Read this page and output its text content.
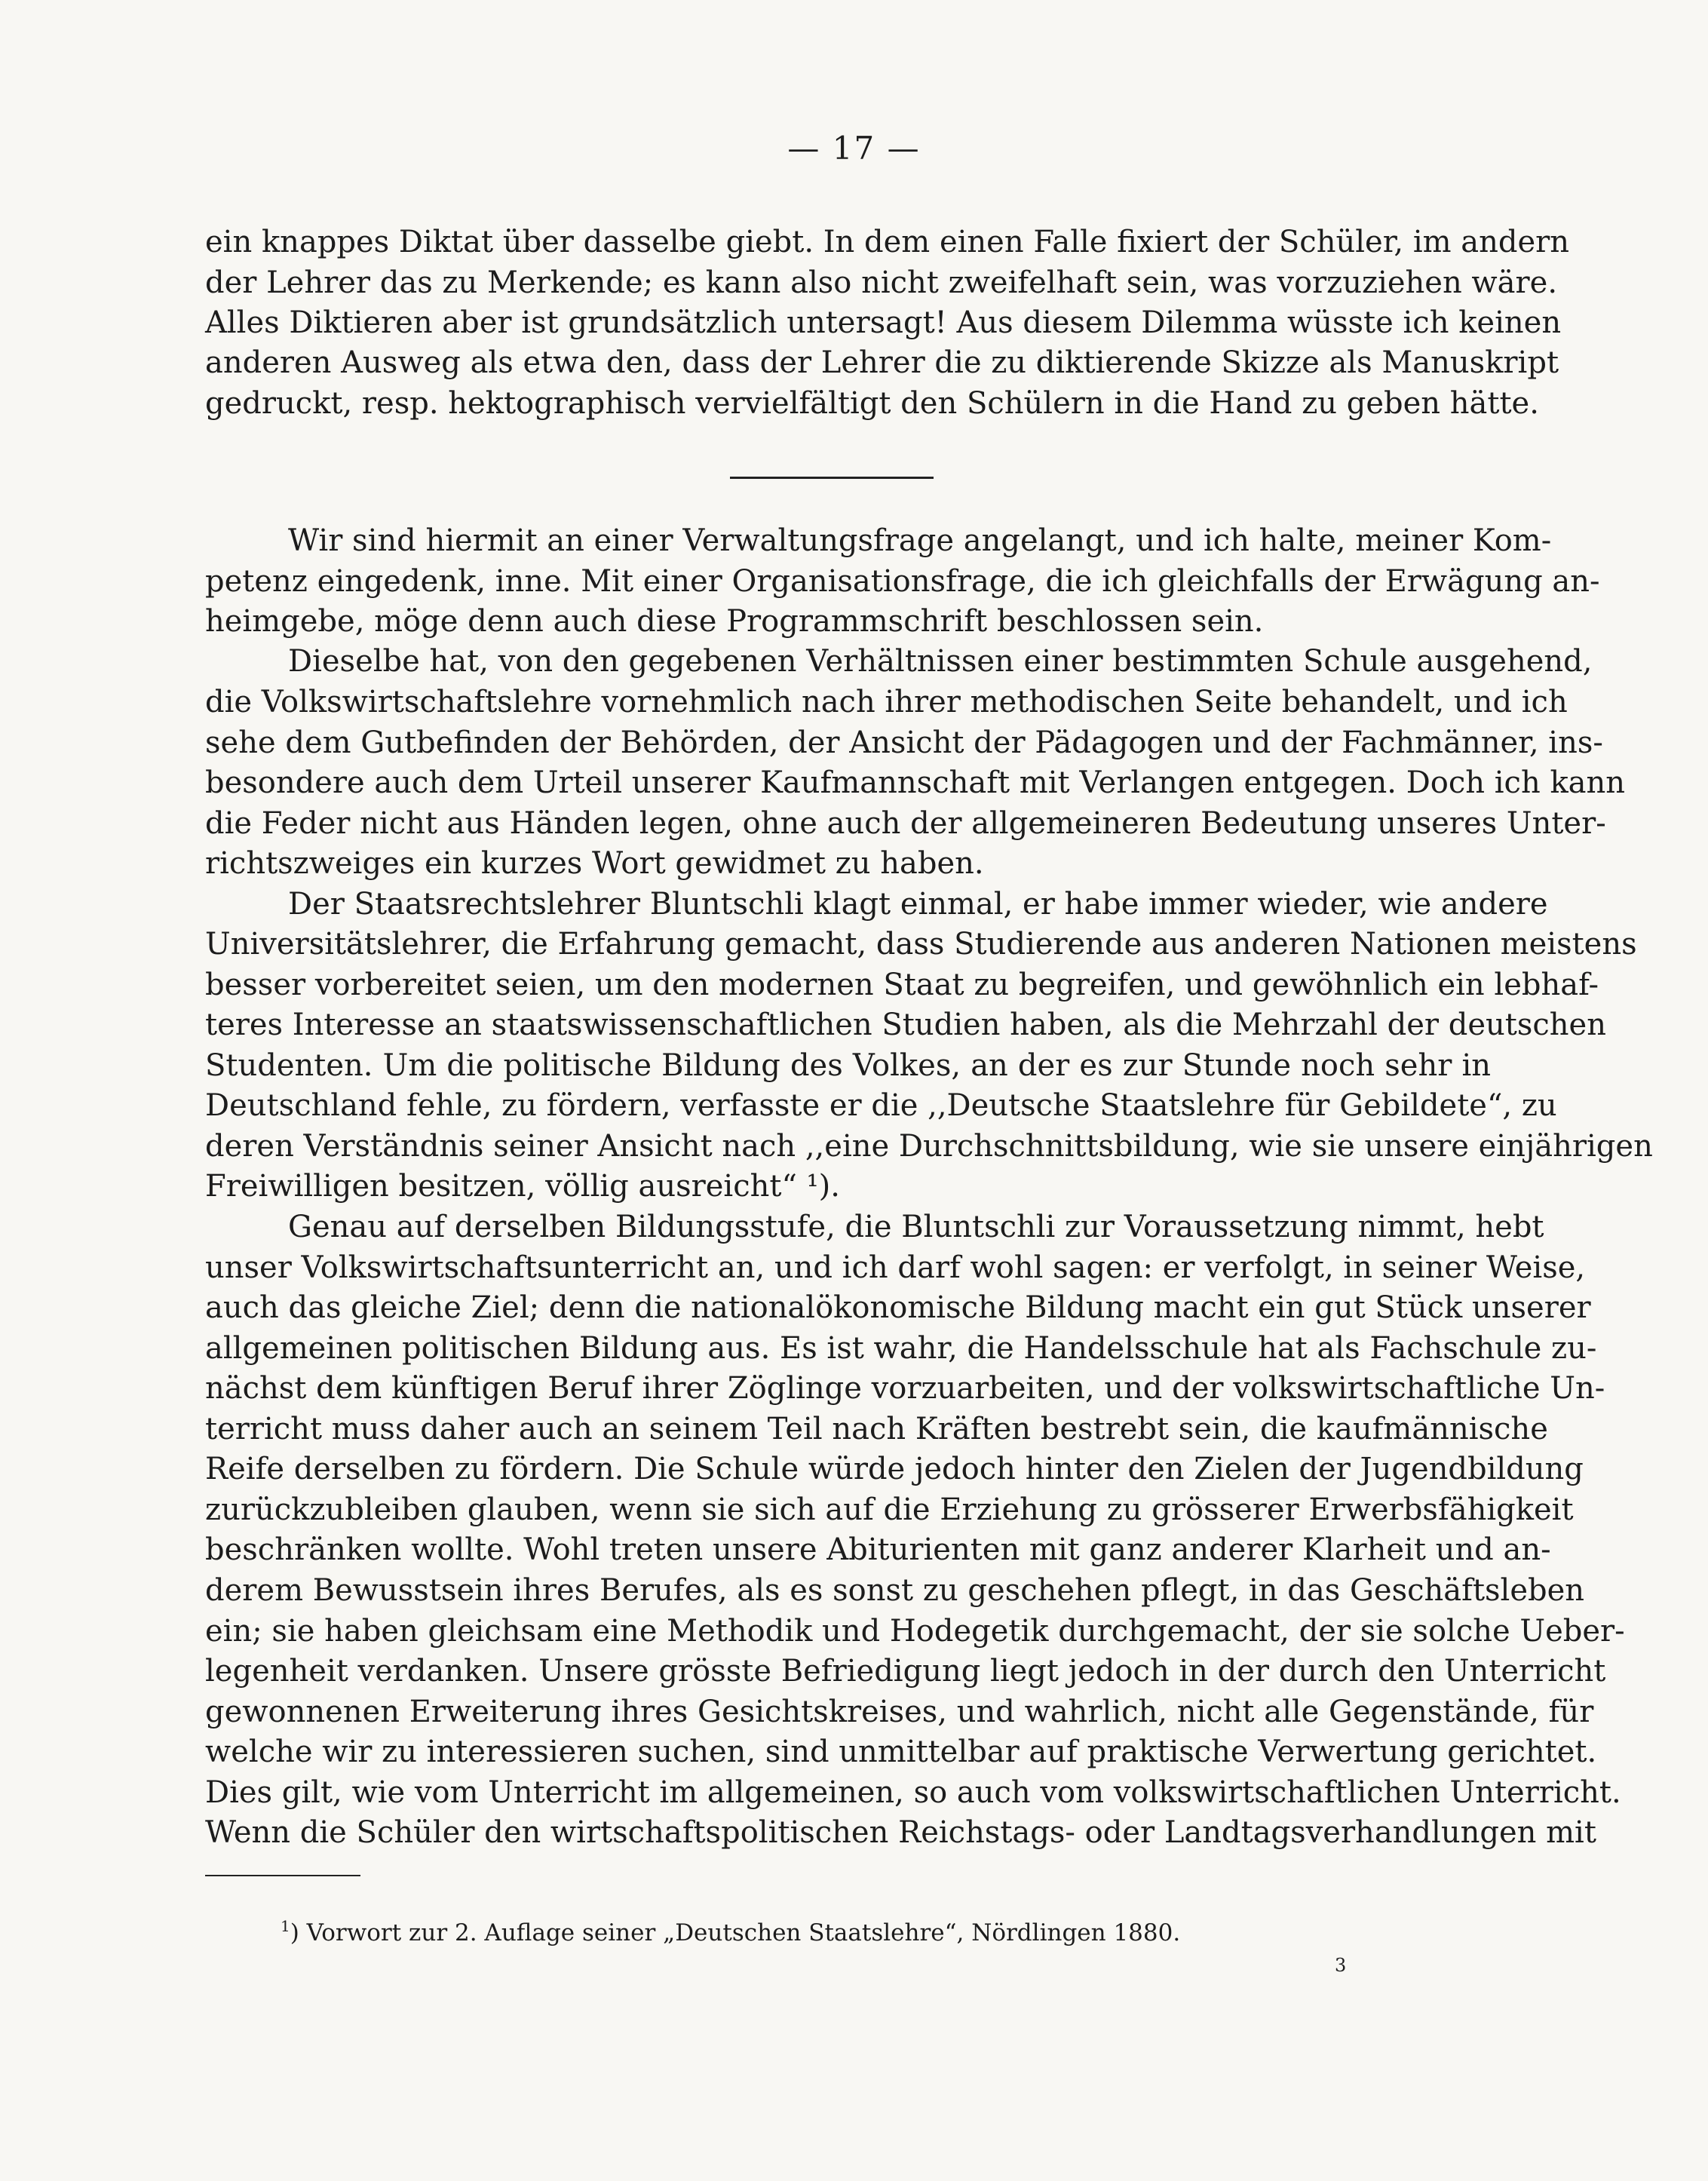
— 17 —
ein knappes Diktat über dasselbe giebt. In dem einen Falle fixiert der Schüler, im andern
der Lehrer das zu Merkende; es kann also nicht zweifelhaft sein, was vorzuziehen wäre.
Alles Diktieren aber ist grundsätzlich untersagt! Aus diesem Dilemma wüsste ich keinen
anderen Ausweg als etwa den, dass der Lehrer die zu diktierende Skizze als Manuskript
gedruckt, resp. hektographisch vervielfältigt den Schülern in die Hand zu geben hätte.
Wir sind hiermit an einer Verwaltungsfrage angelangt, und ich halte, meiner Kom-
petenz eingedenk, inne. Mit einer Organisationsfrage, die ich gleichfalls der Erwägung an-
heimgebe, möge denn auch diese Programmschrift beschlossen sein.
Dieselbe hat, von den gegebenen Verhältnissen einer bestimmten Schule ausgehend,
die Volkswirtschaftslehre vornehmlich nach ihrer methodischen Seite behandelt, und ich
sehe dem Gutbefinden der Behörden, der Ansicht der Pädagogen und der Fachmänner, ins-
besondere auch dem Urteil unserer Kaufmannschaft mit Verlangen entgegen. Doch ich kann
die Feder nicht aus Händen legen, ohne auch der allgemeineren Bedeutung unseres Unter-
richtszweiges ein kurzes Wort gewidmet zu haben.
Der Staatsrechtslehrer Bluntschli klagt einmal, er habe immer wieder, wie andere
Universitätslehrer, die Erfahrung gemacht, dass Studierende aus anderen Nationen meistens
besser vorbereitet seien, um den modernen Staat zu begreifen, und gewöhnlich ein lebhaf-
teres Interesse an staatswissenschaftlichen Studien haben, als die Mehrzahl der deutschen
Studenten. Um die politische Bildung des Volkes, an der es zur Stunde noch sehr in
Deutschland fehle, zu fördern, verfasste er die ,,Deutsche Staatslehre für Gebildete“, zu
deren Verständnis seiner Ansicht nach ,,eine Durchschnittsbildung, wie sie unsere einjährigen
Freiwilligen besitzen, völlig ausreicht“ ¹).
Genau auf derselben Bildungsstufe, die Bluntschli zur Voraussetzung nimmt, hebt
unser Volkswirtschaftsunterricht an, und ich darf wohl sagen: er verfolgt, in seiner Weise,
auch das gleiche Ziel; denn die nationalökonomische Bildung macht ein gut Stück unserer
allgemeinen politischen Bildung aus. Es ist wahr, die Handelsschule hat als Fachschule zu-
nächst dem künftigen Beruf ihrer Zöglinge vorzuarbeiten, und der volkswirtschaftliche Un-
terricht muss daher auch an seinem Teil nach Kräften bestrebt sein, die kaufmännische
Reife derselben zu fördern. Die Schule würde jedoch hinter den Zielen der Jugendbildung
zurückzubleiben glauben, wenn sie sich auf die Erziehung zu grösserer Erwerbsfähigkeit
beschränken wollte. Wohl treten unsere Abiturienten mit ganz anderer Klarheit und an-
derem Bewusstsein ihres Berufes, als es sonst zu geschehen pflegt, in das Geschäftsleben
ein; sie haben gleichsam eine Methodik und Hodegetik durchgemacht, der sie solche Ueber-
legenheit verdanken. Unsere grösste Befriedigung liegt jedoch in der durch den Unterricht
gewonnenen Erweiterung ihres Gesichtskreises, und wahrlich, nicht alle Gegenstände, für
welche wir zu interessieren suchen, sind unmittelbar auf praktische Verwertung gerichtet.
Dies gilt, wie vom Unterricht im allgemeinen, so auch vom volkswirtschaftlichen Unterricht.
Wenn die Schüler den wirtschaftspolitischen Reichstags- oder Landtagsverhandlungen mit
$^1$) Vorwort zur 2. Auflage seiner „Deutschen Staatslehre“, Nördlingen 1880.
3
